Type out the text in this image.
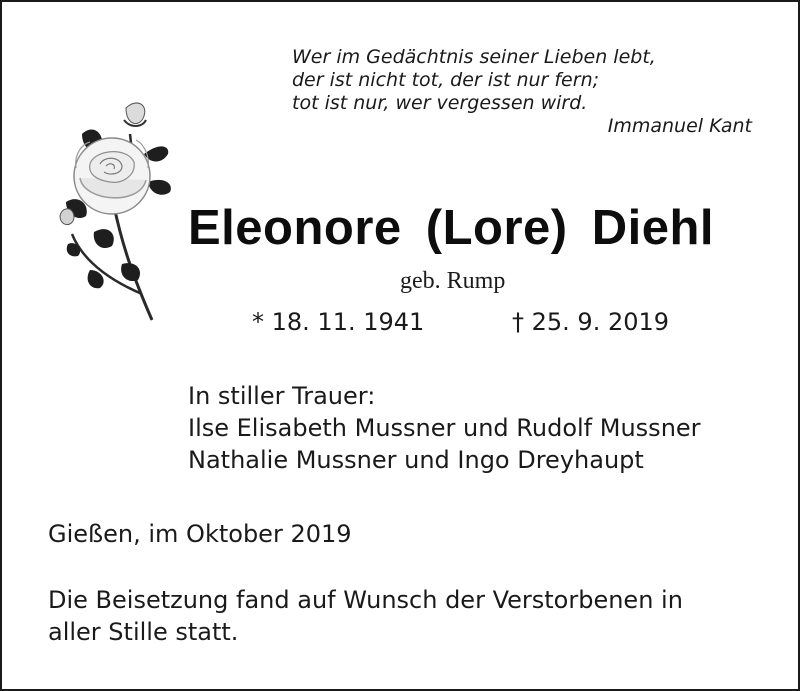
Wer im Gedächtnis seiner Lieben lebt,
der ist nicht tot, der ist nur fern;
tot ist nur, wer vergessen wird.
Immanuel Kant
Eleonore (Lore) Diehl
geb. Rump
* 18. 11. 1941	† 25. 9. 2019
In stiller Trauer:
Ilse Elisabeth Mussner und Rudolf Mussner
Nathalie Mussner und Ingo Dreyhaupt
Gießen, im Oktober 2019
Die Beisetzung fand auf Wunsch der Verstorbenen in
aller Stille statt.
